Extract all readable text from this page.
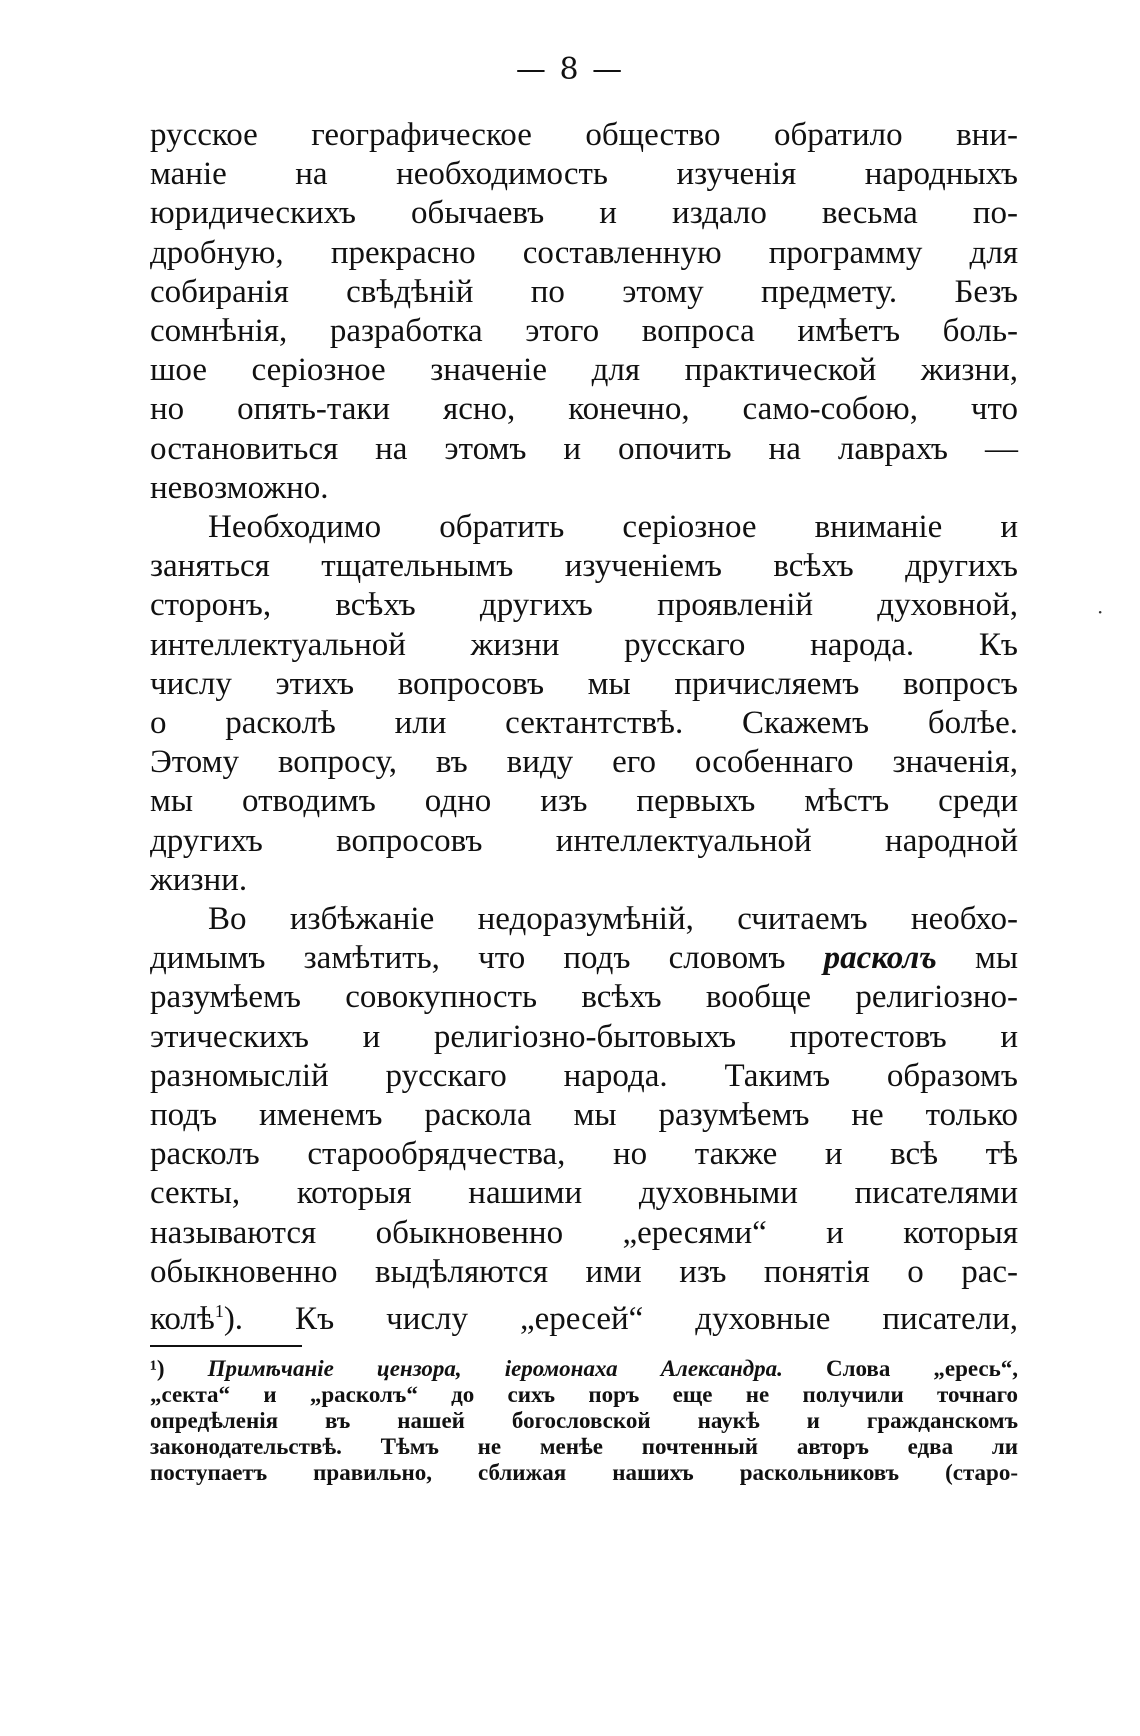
— 8 —
·
русское географическое общество обратило вни-
маніе на необходимость изученія народныхъ
юридическихъ обычаевъ и издало весьма по-
дробную, прекрасно составленную программу для
собиранія свѣдѣній по этому предмету. Безъ
сомнѣнія, разработка этого вопроса имѣетъ боль-
шое серіозное значеніе для практической жизни,
но опять-таки ясно, конечно, само-собою, что
остановиться на этомъ и опочить на лаврахъ —
невозможно.
Необходимо обратить серіозное вниманіе и
заняться тщательнымъ изученіемъ всѣхъ другихъ
сторонъ, всѣхъ другихъ проявленій духовной,
интеллектуальной жизни русскаго народа. Къ
числу этихъ вопросовъ мы причисляемъ вопросъ
о расколѣ или сектантствѣ. Скажемъ болѣе.
Этому вопросу, въ виду его особеннаго значенія,
мы отводимъ одно изъ первыхъ мѣстъ среди
другихъ вопросовъ интеллектуальной народной
жизни.
Во избѣжаніе недоразумѣній, считаемъ необхо-
димымъ замѣтить, что подъ словомъ расколъ мы
разумѣемъ совокупность всѣхъ вообще религіозно-
этическихъ и религіозно-бытовыхъ протестовъ и
разномыслій русскаго народа. Такимъ образомъ
подъ именемъ раскола мы разумѣемъ не только
расколъ старообрядчества, но также и всѣ тѣ
секты, которыя нашими духовными писателями
называются обыкновенно „ересями“ и которыя
обыкновенно выдѣляются ими изъ понятія о рас-
колѣ$^1$). Къ числу „ересей“ духовные писатели,
¹) Примѣчаніе цензора, іеромонаха Александра. Слова „ересь“,
„секта“ и „расколъ“ до сихъ поръ еще не получили точнаго
опредѣленія въ нашей богословской наукѣ и гражданскомъ
законодательствѣ. Тѣмъ не менѣе почтенный авторъ едва ли
поступаетъ правильно, сближая нашихъ раскольниковъ (старо-
